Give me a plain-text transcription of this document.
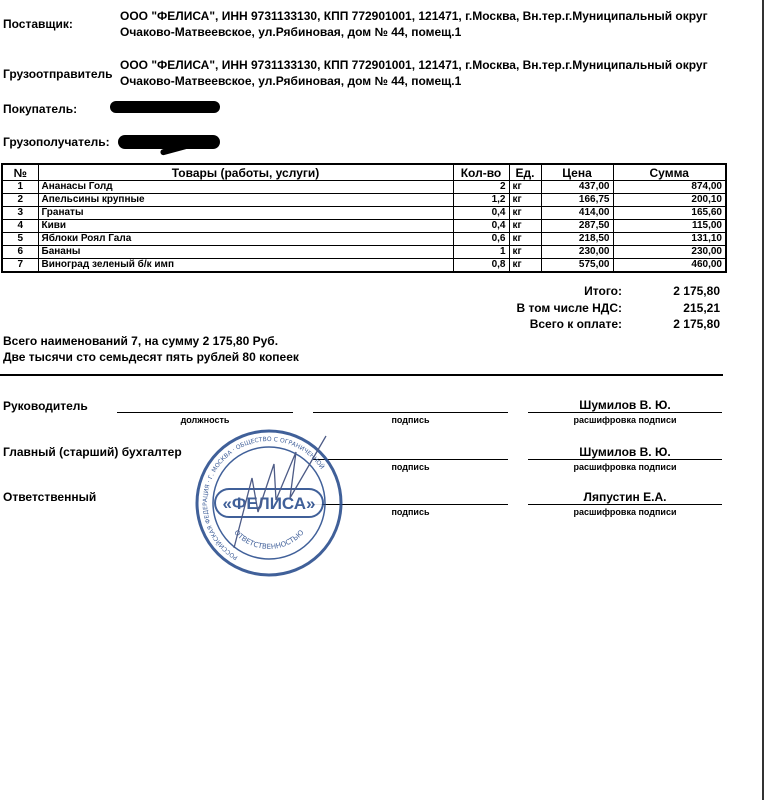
Поставщик:
ООО "ФЕЛИСА", ИНН 9731133130, КПП 772901001, 121471, г.Москва, Вн.тер.г.Муниципальный округ
Очаково-Матвеевское, ул.Рябиновая, дом № 44, помещ.1
Грузоотправитель
ООО "ФЕЛИСА", ИНН 9731133130, КПП 772901001, 121471, г.Москва, Вн.тер.г.Муниципальный округ
Очаково-Матвеевское, ул.Рябиновая, дом № 44, помещ.1
Покупатель:
Грузополучатель:
№	Товары (работы, услуги)	Кол-во	Ед.	Цена	Сумма
1	Ананасы Голд	2	кг	437,00	874,00
2	Апельсины крупные	1,2	кг	166,75	200,10
3	Гранаты	0,4	кг	414,00	165,60
4	Киви	0,4	кг	287,50	115,00
5	Яблоки Роял Гала	0,6	кг	218,50	131,10
6	Бананы	1	кг	230,00	230,00
7	Виноград зеленый б/к имп	0,8	кг	575,00	460,00
Итого:	2 175,80
В том числе НДС:	215,21
Всего к оплате:	2 175,80
Всего наименований 7, на сумму 2 175,80 Руб.
Две тысячи сто семьдесят пять рублей 80 копеек
Руководитель	Шумилов В. Ю.
должность	подпись	расшифровка подписи
Главный (старший) бухгалтер	Шумилов В. Ю.
подпись	расшифровка подписи
Ответственный	Ляпустин Е.А.
подпись	расшифровка подписи
РОССИЙСКАЯ ФЕДЕРАЦИЯ · Г. МОСКВА · ОБЩЕСТВО С ОГРАНИЧЕННОЙ
ОТВЕТСТВЕННОСТЬЮ
«ФЕЛИСА»
